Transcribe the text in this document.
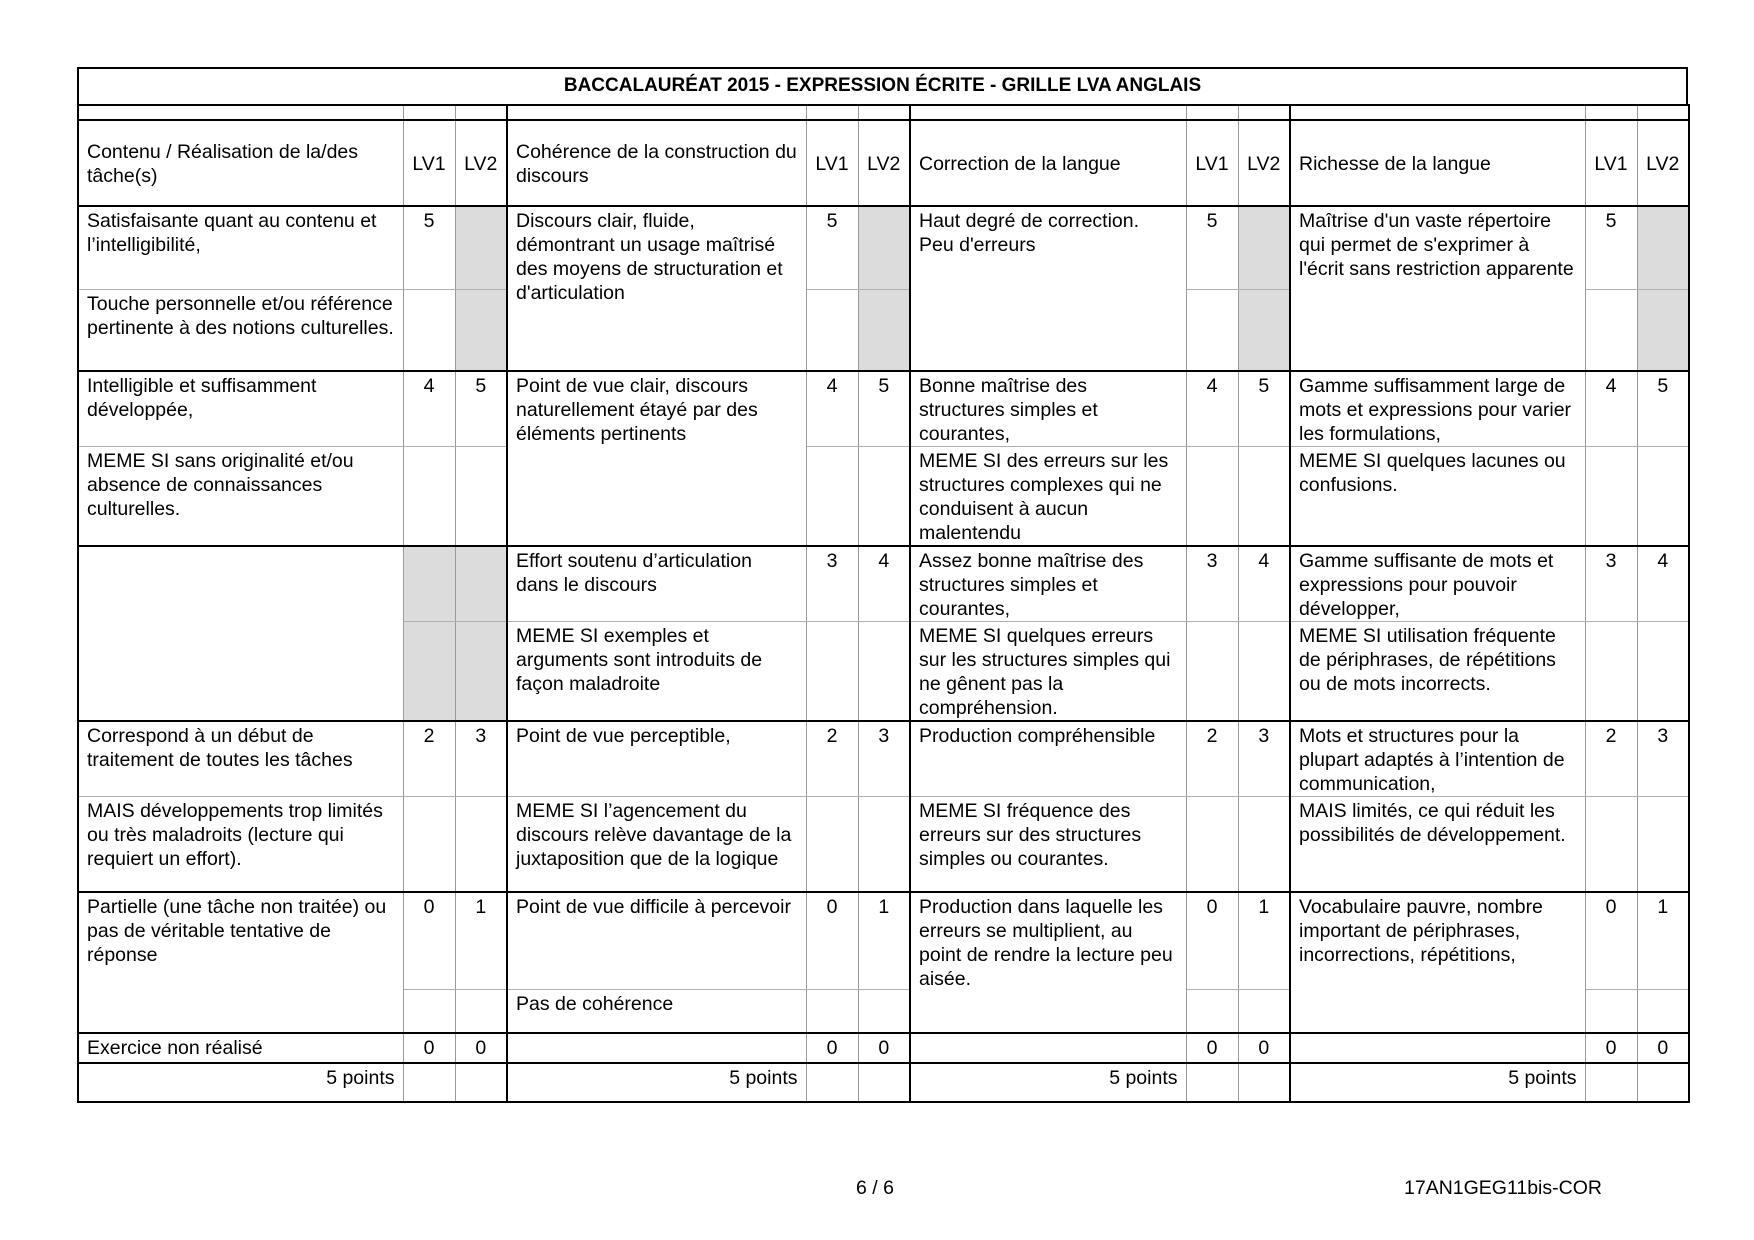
BACCALAURÉAT 2015 - EXPRESSION ÉCRITE - GRILLE LVA ANGLAIS

Contenu / Réalisation de la/des tâche(s)	LV1	LV2	Cohérence de la construction du discours	LV1	LV2	Correction de la langue	LV1	LV2	Richesse de la langue	LV1	LV2
Satisfaisante quant au contenu et l’intelligibilité,	5		Discours clair, fluide, démontrant un usage maîtrisé des moyens de structuration et d'articulation	5		Haut degré de correction. Peu d'erreurs	5		Maîtrise d'un vaste répertoire qui permet de s'exprimer à l'écrit sans restriction apparente	5	
Touche personnelle et/ou référence pertinente à des notions culturelles.											
Intelligible et suffisamment développée,	4	5	Point de vue clair, discours naturellement étayé par des éléments pertinents	4	5	Bonne maîtrise des structures simples et courantes,	4	5	Gamme suffisamment large de mots et expressions pour varier les formulations,	4	5
MEME SI sans originalité et/ou absence de connaissances culturelles.						MEME SI des erreurs sur les structures complexes qui ne conduisent à aucun malentendu			MEME SI quelques lacunes ou confusions.		
			Effort soutenu d’articulation dans le discours	3	4	Assez bonne maîtrise des structures simples et courantes,	3	4	Gamme suffisante de mots et expressions pour pouvoir développer,	3	4
			MEME SI exemples et arguments sont introduits de façon maladroite			MEME SI quelques erreurs sur les structures simples qui ne gênent pas la compréhension.			MEME SI utilisation fréquente de périphrases, de répétitions ou de mots incorrects.		
Correspond à un début de traitement de toutes les tâches	2	3	Point de vue perceptible,	2	3	Production compréhensible	2	3	Mots et structures pour la plupart adaptés à l’intention de communication,	2	3
MAIS développements trop limités ou très maladroits (lecture qui requiert un effort).			MEME SI l’agencement du discours relève davantage de la juxtaposition que de la logique			MEME SI fréquence des erreurs sur des structures simples ou courantes.			MAIS limités, ce qui réduit les possibilités de développement.		
Partielle (une tâche non traitée) ou pas de véritable tentative de réponse	0	1	Point de vue difficile à percevoir	0	1	Production dans laquelle les erreurs se multiplient, au point de rendre la lecture peu aisée.	0	1	Vocabulaire pauvre, nombre important de périphrases, incorrections, répétitions,	0	1
			Pas de cohérence								
Exercice non réalisé	0	0		0	0		0	0		0	0
5 points			5 points			5 points			5 points		
6 / 6	17AN1GEG11bis-COR
